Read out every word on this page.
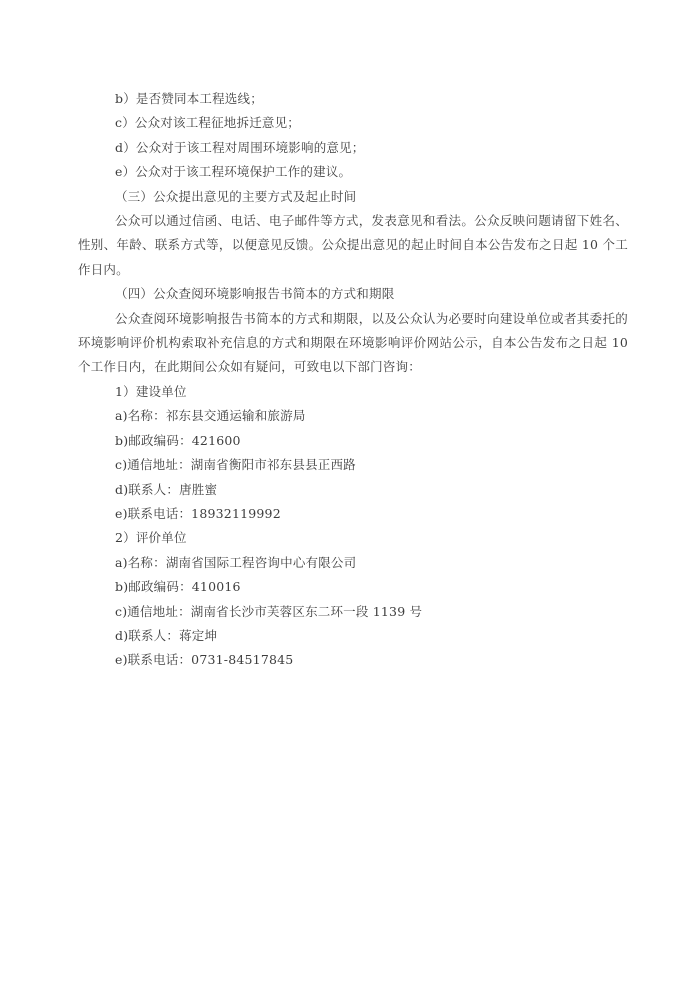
b）是否赞同本工程选线；

c）公众对该工程征地拆迁意见；

d）公众对于该工程对周围环境影响的意见；

e）公众对于该工程环境保护工作的建议。

（三）公众提出意见的主要方式及起止时间

公众可以通过信函、电话、电子邮件等方式，发表意见和看法。公众反映问题请留下姓名、性别、年龄、联系方式等，以便意见反馈。公众提出意见的起止时间自本公告发布之日起 10 个工作日内。

（四）公众查阅环境影响报告书简本的方式和期限

公众查阅环境影响报告书简本的方式和期限，以及公众认为必要时向建设单位或者其委托的环境影响评价机构索取补充信息的方式和期限在环境影响评价网站公示，自本公告发布之日起 10 个工作日内，在此期间公众如有疑问，可致电以下部门咨询：

1）建设单位

a)名称：祁东县交通运输和旅游局

b)邮政编码：421600

c)通信地址：湖南省衡阳市祁东县县正西路

d)联系人：唐胜蜜

e)联系电话：18932119992

2）评价单位

a)名称：湖南省国际工程咨询中心有限公司

b)邮政编码：410016

c)通信地址：湖南省长沙市芙蓉区东二环一段 1139 号

d)联系人：蒋定坤

e)联系电话：0731-84517845
